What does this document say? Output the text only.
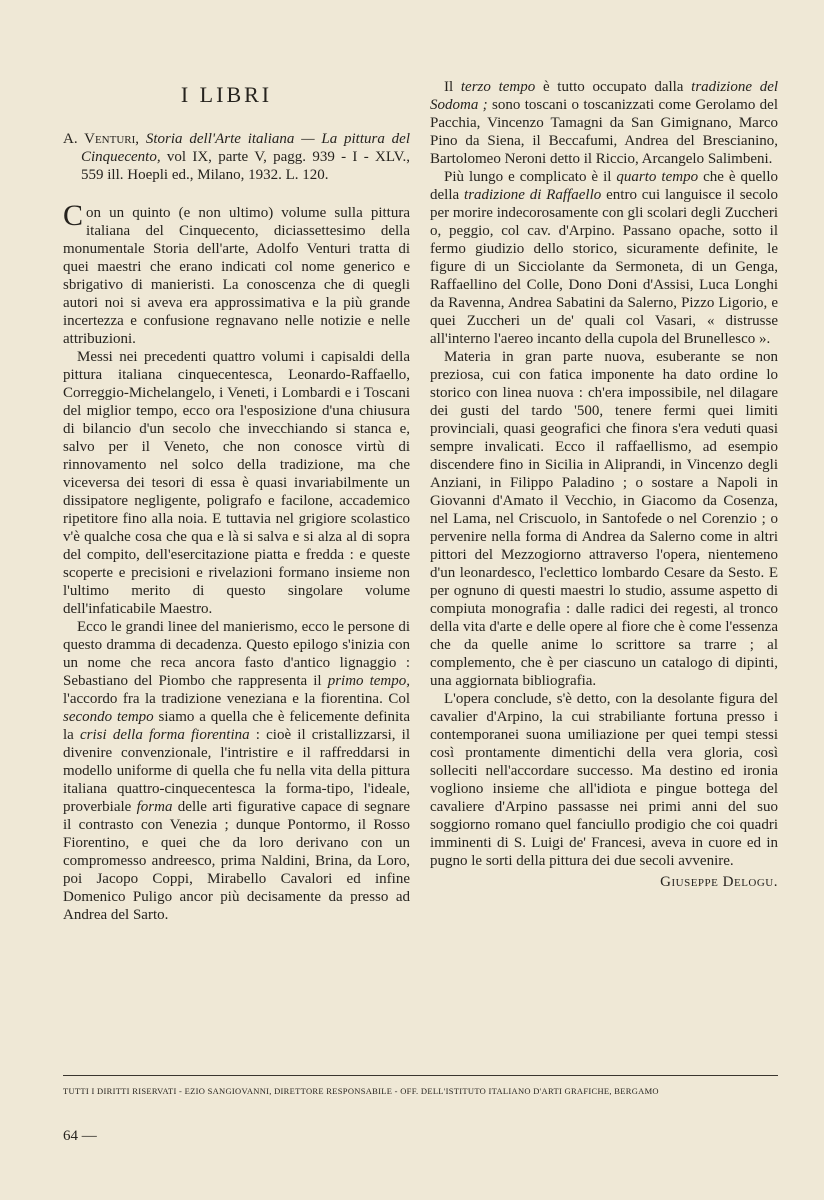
I LIBRI
A. Venturi, Storia dell'Arte italiana — La pittura del Cinquecento, vol IX, parte V, pagg. 939 - I - XLV., 559 ill. Hoepli ed., Milano, 1932. L. 120.

Con un quinto (e non ultimo) volume sulla pittura italiana del Cinquecento, diciassettesimo della monumentale Storia dell'arte, Adolfo Venturi tratta di quei maestri che erano indicati col nome generico e sbrigativo di manieristi. La conoscenza che di quegli autori noi si aveva era approssimativa e la più grande incertezza e confusione regnavano nelle notizie e nelle attribuzioni.

Messi nei precedenti quattro volumi i capisaldi della pittura italiana cinquecentesca, Leonardo-Raffaello, Correggio-Michelangelo, i Veneti, i Lombardi e i Toscani del miglior tempo, ecco ora l'esposizione d'una chiusura di bilancio d'un secolo che invecchiando si stanca e, salvo per il Veneto, che non conosce virtù di rinnovamento nel solco della tradizione, ma che viceversa dei tesori di essa è quasi invariabilmente un dissipatore negligente, poligrafo e facilone, accademico ripetitore fino alla noia. E tuttavia nel grigiore scolastico v'è qualche cosa che qua e là si salva e si alza al di sopra del compito, dell'esercitazione piatta e fredda : e queste scoperte e precisioni e rivelazioni formano insieme non l'ultimo merito di questo singolare volume dell'infaticabile Maestro.

Ecco le grandi linee del manierismo, ecco le persone di questo dramma di decadenza. Questo epilogo s'inizia con un nome che reca ancora fasto d'antico lignaggio : Sebastiano del Piombo che rappresenta il primo tempo, l'accordo fra la tradizione veneziana e la fiorentina. Col secondo tempo siamo a quella che è felicemente definita la crisi della forma fiorentina : cioè il cristallizzarsi, il divenire convenzionale, l'intristire e il raffreddarsi in modello uniforme di quella che fu nella vita della pittura italiana quattro-cinquecentesca la forma-tipo, l'ideale, proverbiale forma delle arti figurative capace di segnare il contrasto con Venezia ; dunque Pontormo, il Rosso Fiorentino, e quei che da loro derivano con un compromesso andreesco, prima Naldini, Brina, da Loro, poi Jacopo Coppi, Mirabello Cavalori ed infine Domenico Puligo ancor più decisamente da presso ad Andrea del Sarto.

Il terzo tempo è tutto occupato dalla tradizione del Sodoma ; sono toscani o toscanizzati come Gerolamo del Pacchia, Vincenzo Tamagni da San Gimignano, Marco Pino da Siena, il Beccafumi, Andrea del Brescianino, Bartolomeo Neroni detto il Riccio, Arcangelo Salimbeni.

Più lungo e complicato è il quarto tempo che è quello della tradizione di Raffaello entro cui languisce il secolo per morire indecorosamente con gli scolari degli Zuccheri o, peggio, col cav. d'Arpino. Passano opache, sotto il fermo giudizio dello storico, sicuramente definite, le figure di un Sicciolante da Sermoneta, di un Genga, Raffaellino del Colle, Dono Doni d'Assisi, Luca Longhi da Ravenna, Andrea Sabatini da Salerno, Pizzo Ligorio, e quei Zuccheri un de' quali col Vasari, « distrusse all'interno l'aereo incanto della cupola del Brunellesco ».

Materia in gran parte nuova, esuberante se non preziosa, cui con fatica imponente ha dato ordine lo storico con linea nuova : ch'era impossibile, nel dilagare dei gusti del tardo '500, tenere fermi quei limiti provinciali, quasi geografici che finora s'era veduti quasi sempre invalicati. Ecco il raffaellismo, ad esempio discendere fino in Sicilia in Aliprandi, in Vincenzo degli Anziani, in Filippo Paladino ; o sostare a Napoli in Giovanni d'Amato il Vecchio, in Giacomo da Cosenza, nel Lama, nel Criscuolo, in Santofede o nel Corenzio ; o pervenire nella forma di Andrea da Salerno come in altri pittori del Mezzogiorno attraverso l'opera, nientemeno d'un leonardesco, l'eclettico lombardo Cesare da Sesto. E per ognuno di questi maestri lo studio, assume aspetto di compiuta monografia : dalle radici dei regesti, al tronco della vita d'arte e delle opere al fiore che è come l'essenza che da quelle anime lo scrittore sa trarre ; al complemento, che è per ciascuno un catalogo di dipinti, una aggiornata bibliografia.

L'opera conclude, s'è detto, con la desolante figura del cavalier d'Arpino, la cui strabiliante fortuna presso i contemporanei suona umiliazione per quei tempi stessi così prontamente dimentichi della vera gloria, così solleciti nell'accordare successo. Ma destino ed ironia vogliono insieme che all'idiota e pingue bottega del cavaliere d'Arpino passasse nei primi anni del suo soggiorno romano quel fanciullo prodigio che coi quadri imminenti di S. Luigi de' Francesi, aveva in cuore ed in pugno le sorti della pittura dei due secoli avvenire.

Giuseppe Delogu.
TUTTI I DIRITTI RISERVATI - EZIO SANGIOVANNI, DIRETTORE RESPONSABILE - OFF. DELL'ISTITUTO ITALIANO D'ARTI GRAFICHE, BERGAMO
64 —
